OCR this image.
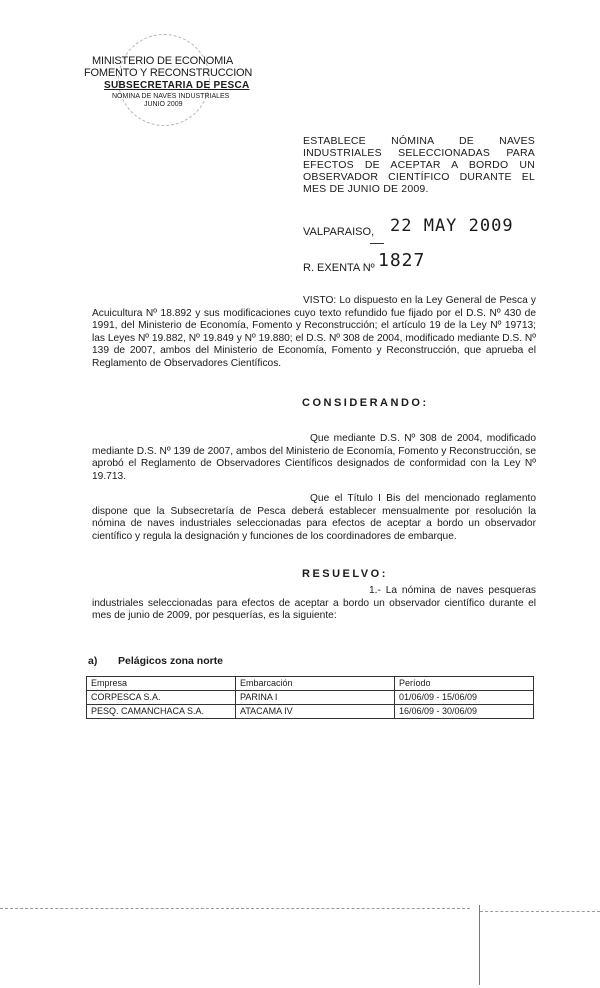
MINISTERIO DE ECONOMIA
FOMENTO Y RECONSTRUCCION
SUBSECRETARIA DE PESCA
NOMINA DE NAVES INDUSTRIALES
JUNIO 2009
ESTABLECE NÓMINA DE NAVES INDUSTRIALES SELECCIONADAS PARA EFECTOS DE ACEPTAR A BORDO UN OBSERVADOR CIENTÍFICO DURANTE EL MES DE JUNIO DE 2009.
VALPARAISO, 22 MAY 2009
R. EXENTA Nº 1827
VISTO: Lo dispuesto en la Ley General de Pesca y Acuicultura Nº 18.892 y sus modificaciones cuyo texto refundido fue fijado por el D.S. Nº 430 de 1991, del Ministerio de Economía, Fomento y Reconstrucción; el artículo 19 de la Ley Nº 19713; las Leyes Nº 19.882, Nº 19.849 y Nº 19.880; el D.S. Nº 308 de 2004, modificado mediante D.S. Nº 139 de 2007, ambos del Ministerio de Economía, Fomento y Reconstrucción, que aprueba el Reglamento de Observadores Científicos.
CONSIDERANDO:
Que mediante D.S. Nº 308 de 2004, modificado mediante D.S. Nº 139 de 2007, ambos del Ministerio de Economía, Fomento y Reconstrucción, se aprobó el Reglamento de Observadores Científicos designados de conformidad con la Ley Nº 19.713.
Que el Título I Bis del mencionado reglamento dispone que la Subsecretaría de Pesca deberá establecer mensualmente por resolución la nómina de naves industriales seleccionadas para efectos de aceptar a bordo un observador científico y regula la designación y funciones de los coordinadores de embarque.
RESUELVO:
1.- La nómina de naves pesqueras industriales seleccionadas para efectos de aceptar a bordo un observador científico durante el mes de junio de 2009, por pesquerías, es la siguiente:
a) Pelágicos zona norte
Empresa	Embarcación	Período
CORPESCA S.A.	PARINA I	01/06/09 - 15/06/09
PESQ. CAMANCHACA S.A.	ATACAMA IV	16/06/09 - 30/06/09
